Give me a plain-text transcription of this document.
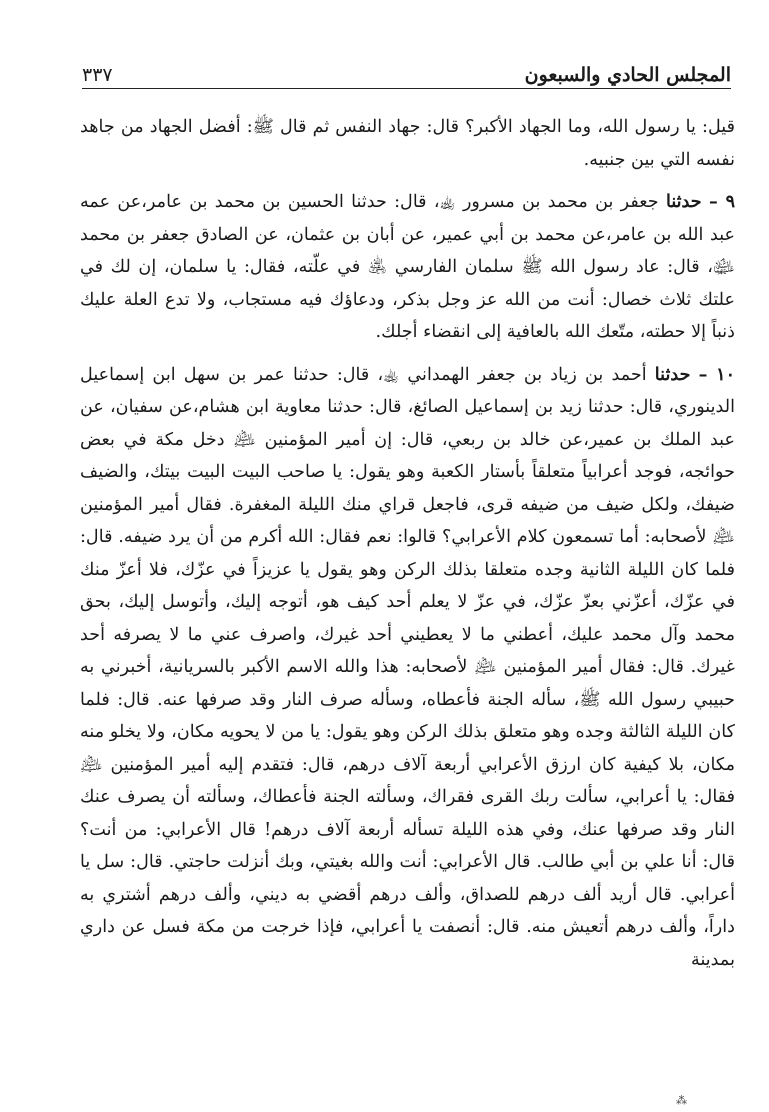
المجلس الحادي والسبعون
٣٣٧

قيل: يا رسول الله، وما الجهاد الأكبر؟ قال: جهاد النفس ثم قال ﷺ: أفضل الجهاد من جاهد نفسه التي بين جنبيه.

٩ – حدثنا جعفر بن محمد بن مسرور ﵀، قال: حدثنا الحسين بن محمد بن عامر،عن عمه عبد الله بن عامر،عن محمد بن أبي عمير، عن أبان بن عثمان، عن الصادق جعفر بن محمد ﵉، قال: عاد رسول الله ﷺ سلمان الفارسي ﵁ في علّته، فقال: يا سلمان، إن لك في علتك ثلاث خصال: أنت من الله عز وجل بذكر، ودعاؤك فيه مستجاب، ولا تدع العلة عليك ذنباً إلا حطته، متّعك الله بالعافية إلى انقضاء أجلك.

١٠ – حدثنا أحمد بن زياد بن جعفر الهمداني ﵀، قال: حدثنا عمر بن سهل ابن إسماعيل الدينوري، قال: حدثنا زيد بن إسماعيل الصائغ، قال: حدثنا معاوية ابن هشام،عن سفيان، عن عبد الملك بن عمير،عن خالد بن ربعي، قال: إن أمير المؤمنين ﵇ دخل مكة في بعض حوائجه، فوجد أعرابياً متعلقاً بأستار الكعبة وهو يقول: يا صاحب البيت البيت بيتك، والضيف ضيفك، ولكل ضيف من ضيفه قرى، فاجعل قراي منك الليلة المغفرة. فقال أمير المؤمنين ﵇ لأصحابه: أما تسمعون كلام الأعرابي؟ قالوا: نعم فقال: الله أكرم من أن يرد ضيفه. قال: فلما كان الليلة الثانية وجده متعلقا بذلك الركن وهو يقول يا عزيزاً في عزّك، فلا أعزّ منك في عزّك، أعزّني بعزّ عزّك، في عزّ لا يعلم أحد كيف هو، أتوجه إليك، وأتوسل إليك، بحق محمد وآل محمد عليك، أعطني ما لا يعطيني أحد غيرك، واصرف عني ما لا يصرفه أحد غيرك. قال: فقال أمير المؤمنين ﵇ لأصحابه: هذا والله الاسم الأكبر بالسريانية، أخبرني به حبيبي رسول الله ﷺ، سأله الجنة فأعطاه، وسأله صرف النار وقد صرفها عنه. قال: فلما كان الليلة الثالثة وجده وهو متعلق بذلك الركن وهو يقول: يا من لا يحويه مكان، ولا يخلو منه مكان، بلا كيفية كان ارزق الأعرابي أربعة آلاف درهم، قال: فتقدم إليه أمير المؤمنين ﵇ فقال: يا أعرابي، سألت ربك القرى فقراك، وسألته الجنة فأعطاك، وسألته أن يصرف عنك النار وقد صرفها عنك، وفي هذه الليلة تسأله أربعة آلاف درهم! قال الأعرابي: من أنت؟ قال: أنا علي بن أبي طالب. قال الأعرابي: أنت والله بغيتي، وبك أنزلت حاجتي. قال: سل يا أعرابي. قال أريد ألف درهم للصداق، وألف درهم أقضي به ديني، وألف درهم أشتري به داراً، وألف درهم أتعيش منه. قال: أنصفت يا أعرابي، فإذا خرجت من مكة فسل عن داري بمدينة

⁂
